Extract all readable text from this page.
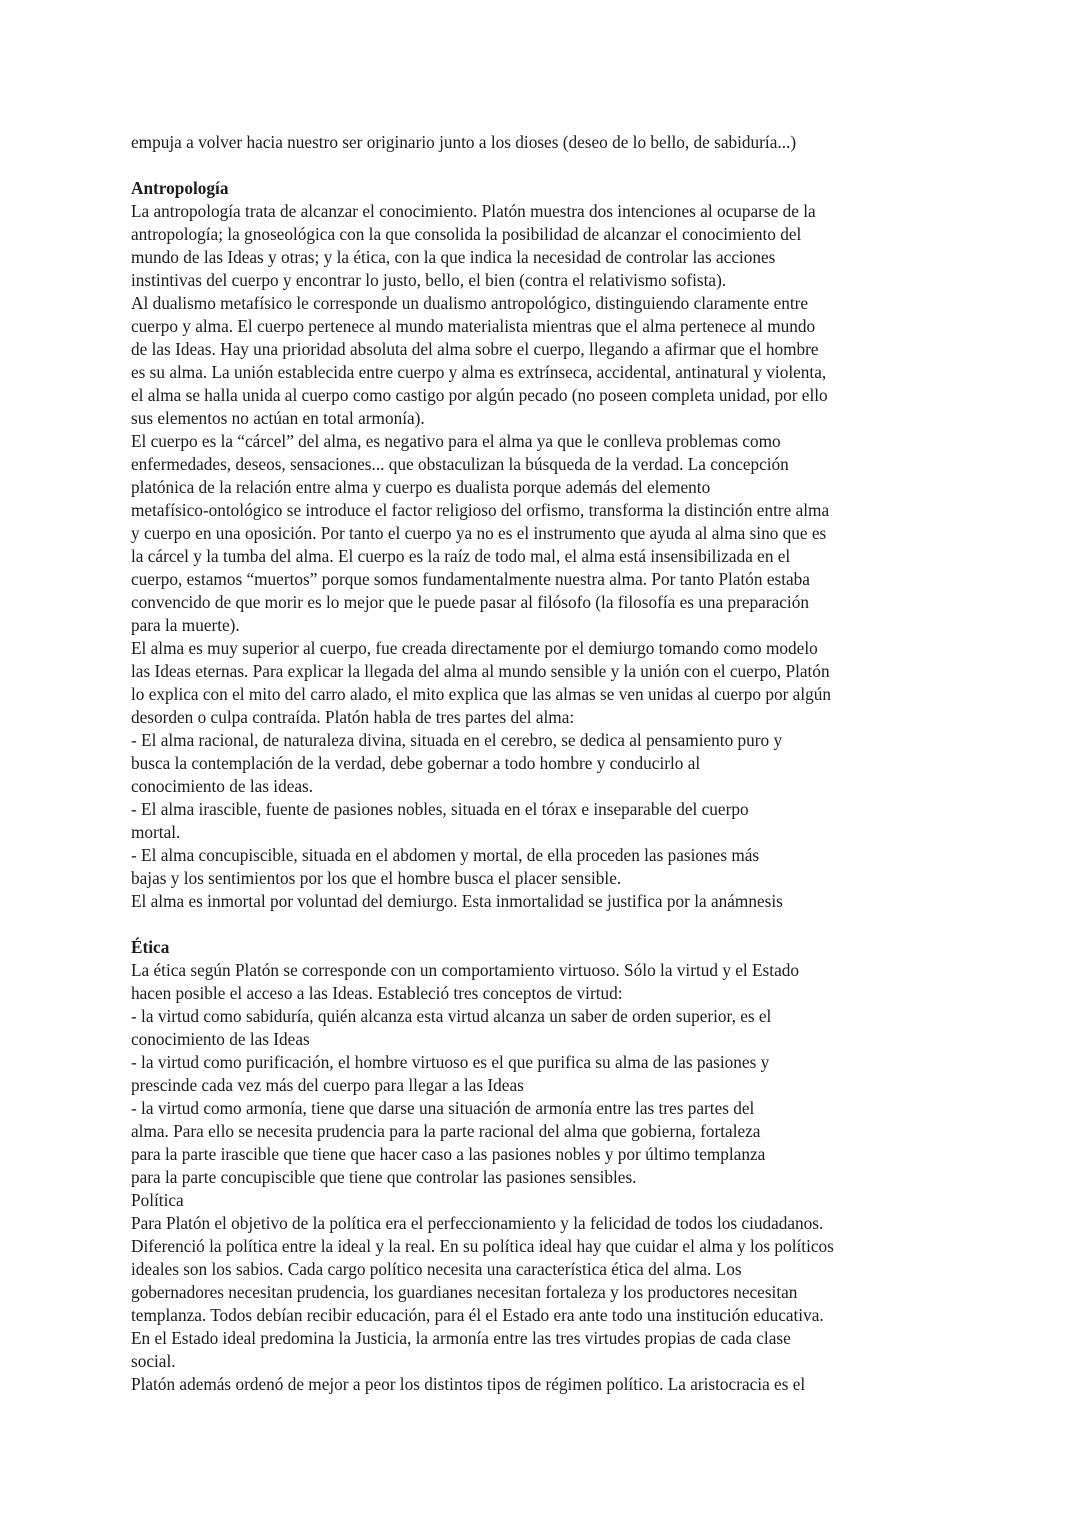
empuja a volver hacia nuestro ser originario junto a los dioses (deseo de lo bello, de sabiduría...)
Antropología
La antropología trata de alcanzar el conocimiento. Platón muestra dos intenciones al ocuparse de la
antropología; la gnoseológica con la que consolida la posibilidad de alcanzar el conocimiento del
mundo de las Ideas y otras; y la ética, con la que indica la necesidad de controlar las acciones
instintivas del cuerpo y encontrar lo justo, bello, el bien (contra el relativismo sofista).
Al dualismo metafísico le corresponde un dualismo antropológico, distinguiendo claramente entre
cuerpo y alma. El cuerpo pertenece al mundo materialista mientras que el alma pertenece al mundo
de las Ideas. Hay una prioridad absoluta del alma sobre el cuerpo, llegando a afirmar que el hombre
es su alma. La unión establecida entre cuerpo y alma es extrínseca, accidental, antinatural y violenta,
el alma se halla unida al cuerpo como castigo por algún pecado (no poseen completa unidad, por ello
sus elementos no actúan en total armonía).
El cuerpo es la “cárcel” del alma, es negativo para el alma ya que le conlleva problemas como
enfermedades, deseos, sensaciones... que obstaculizan la búsqueda de la verdad. La concepción
platónica de la relación entre alma y cuerpo es dualista porque además del elemento
metafísico-ontológico se introduce el factor religioso del orfismo, transforma la distinción entre alma
y cuerpo en una oposición. Por tanto el cuerpo ya no es el instrumento que ayuda al alma sino que es
la cárcel y la tumba del alma. El cuerpo es la raíz de todo mal, el alma está insensibilizada en el
cuerpo, estamos “muertos” porque somos fundamentalmente nuestra alma. Por tanto Platón estaba
convencido de que morir es lo mejor que le puede pasar al filósofo (la filosofía es una preparación
para la muerte).
El alma es muy superior al cuerpo, fue creada directamente por el demiurgo tomando como modelo
las Ideas eternas. Para explicar la llegada del alma al mundo sensible y la unión con el cuerpo, Platón
lo explica con el mito del carro alado, el mito explica que las almas se ven unidas al cuerpo por algún
desorden o culpa contraída. Platón habla de tres partes del alma:
- El alma racional, de naturaleza divina, situada en el cerebro, se dedica al pensamiento puro y
busca la contemplación de la verdad, debe gobernar a todo hombre y conducirlo al
conocimiento de las ideas.
- El alma irascible, fuente de pasiones nobles, situada en el tórax e inseparable del cuerpo
mortal.
- El alma concupiscible, situada en el abdomen y mortal, de ella proceden las pasiones más
bajas y los sentimientos por los que el hombre busca el placer sensible.
El alma es inmortal por voluntad del demiurgo. Esta inmortalidad se justifica por la anámnesis
Ética
La ética según Platón se corresponde con un comportamiento virtuoso. Sólo la virtud y el Estado
hacen posible el acceso a las Ideas. Estableció tres conceptos de virtud:
- la virtud como sabiduría, quién alcanza esta virtud alcanza un saber de orden superior, es el
conocimiento de las Ideas
- la virtud como purificación, el hombre virtuoso es el que purifica su alma de las pasiones y
prescinde cada vez más del cuerpo para llegar a las Ideas
- la virtud como armonía, tiene que darse una situación de armonía entre las tres partes del
alma. Para ello se necesita prudencia para la parte racional del alma que gobierna, fortaleza
para la parte irascible que tiene que hacer caso a las pasiones nobles y por último templanza
para la parte concupiscible que tiene que controlar las pasiones sensibles.
Política
Para Platón el objetivo de la política era el perfeccionamiento y la felicidad de todos los ciudadanos.
Diferenció la política entre la ideal y la real. En su política ideal hay que cuidar el alma y los políticos
ideales son los sabios. Cada cargo político necesita una característica ética del alma. Los
gobernadores necesitan prudencia, los guardianes necesitan fortaleza y los productores necesitan
templanza. Todos debían recibir educación, para él el Estado era ante todo una institución educativa.
En el Estado ideal predomina la Justicia, la armonía entre las tres virtudes propias de cada clase
social.
Platón además ordenó de mejor a peor los distintos tipos de régimen político. La aristocracia es el
